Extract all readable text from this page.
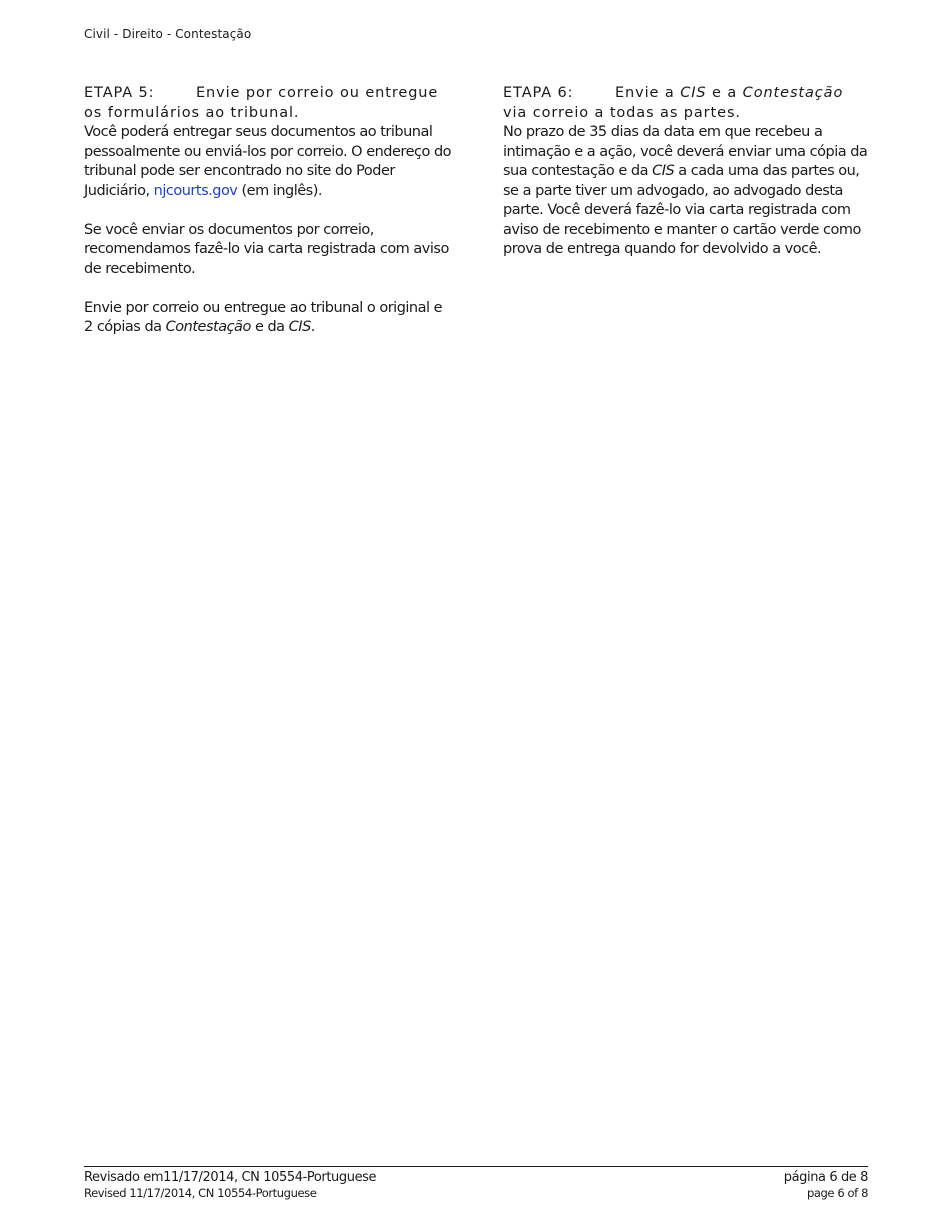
Civil - Direito - Contestação
ETAPA 5:	Envie por correio ou entregue os formulários ao tribunal.

Você poderá entregar seus documentos ao tribunal pessoalmente ou enviá-los por correio. O endereço do tribunal pode ser encontrado no site do Poder Judiciário, njcourts.gov (em inglês).

Se você enviar os documentos por correio, recomendamos fazê-lo via carta registrada com aviso de recebimento.

Envie por correio ou entregue ao tribunal o original e 2 cópias da Contestação e da CIS.

ETAPA 6:	Envie a CIS e a Contestação via correio a todas as partes.

No prazo de 35 dias da data em que recebeu a intimação e a ação, você deverá enviar uma cópia da sua contestação e da CIS a cada uma das partes ou, se a parte tiver um advogado, ao advogado desta parte. Você deverá fazê-lo via carta registrada com aviso de recebimento e manter o cartão verde como prova de entrega quando for devolvido a você.

Revisado em11/17/2014, CN 10554-Portuguese
Revised 11/17/2014, CN 10554-Portuguese
página 6 de 8
page 6 of 8
